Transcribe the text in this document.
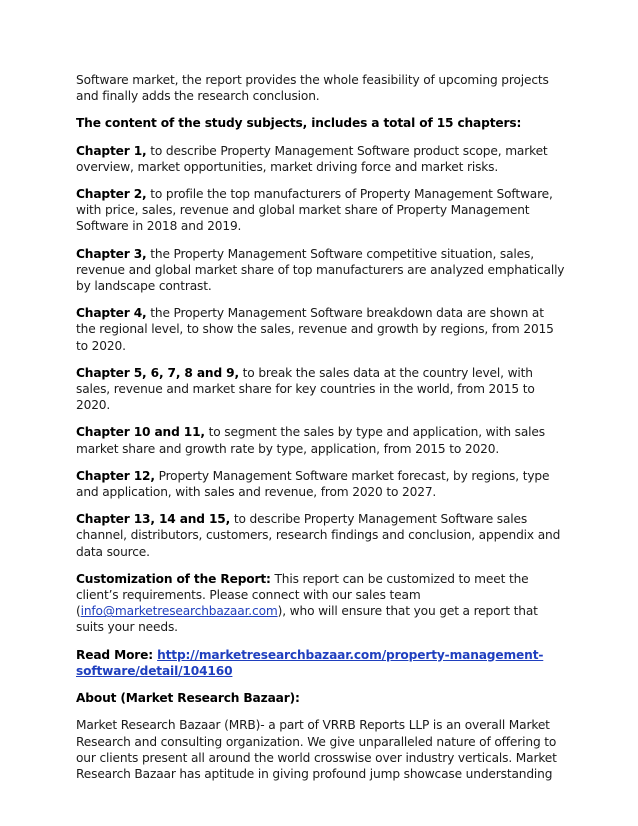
Software market, the report provides the whole feasibility of upcoming projects and finally adds the research conclusion.

The content of the study subjects, includes a total of 15 chapters:

Chapter 1, to describe Property Management Software product scope, market overview, market opportunities, market driving force and market risks.

Chapter 2, to profile the top manufacturers of Property Management Software, with price, sales, revenue and global market share of Property Management Software in 2018 and 2019.

Chapter 3, the Property Management Software competitive situation, sales, revenue and global market share of top manufacturers are analyzed emphatically by landscape contrast.

Chapter 4, the Property Management Software breakdown data are shown at the regional level, to show the sales, revenue and growth by regions, from 2015 to 2020.

Chapter 5, 6, 7, 8 and 9, to break the sales data at the country level, with sales, revenue and market share for key countries in the world, from 2015 to 2020.

Chapter 10 and 11, to segment the sales by type and application, with sales market share and growth rate by type, application, from 2015 to 2020.

Chapter 12, Property Management Software market forecast, by regions, type and application, with sales and revenue, from 2020 to 2027.

Chapter 13, 14 and 15, to describe Property Management Software sales channel, distributors, customers, research findings and conclusion, appendix and data source.

Customization of the Report: This report can be customized to meet the client’s requirements. Please connect with our sales team (info@marketresearchbazaar.com), who will ensure that you get a report that suits your needs.

Read More: http://marketresearchbazaar.com/property-management-software/detail/104160

About (Market Research Bazaar):

Market Research Bazaar (MRB)- a part of VRRB Reports LLP is an overall Market Research and consulting organization. We give unparalleled nature of offering to our clients present all around the world crosswise over industry verticals. Market Research Bazaar has aptitude in giving profound jump showcase understanding
